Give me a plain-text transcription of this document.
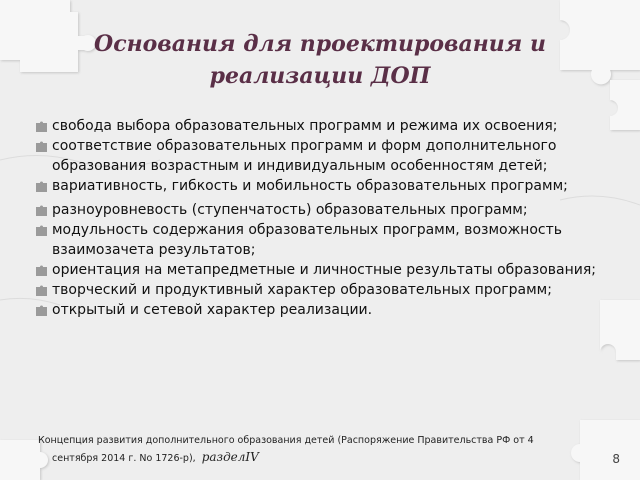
Основания для проектирования и
реализации ДОП
свобода выбора образовательных программ и режима их освоения;
соответствие образовательных программ и форм дополнительного образования возрастным и индивидуальным особенностям детей;
вариативность, гибкость и мобильность образовательных программ;
разноуровневость (ступенчатость) образовательных программ;
модульность содержания образовательных программ, возможность взаимозачета результатов;
ориентация на метапредметные и личностные результаты образования;
творческий и продуктивный характер образовательных программ;
открытый и сетевой характер реализации.
Концепция развития дополнительного образования детей (Распоряжение Правительства РФ от 4
сентября 2014 г. No 1726-р), разделIV	8
